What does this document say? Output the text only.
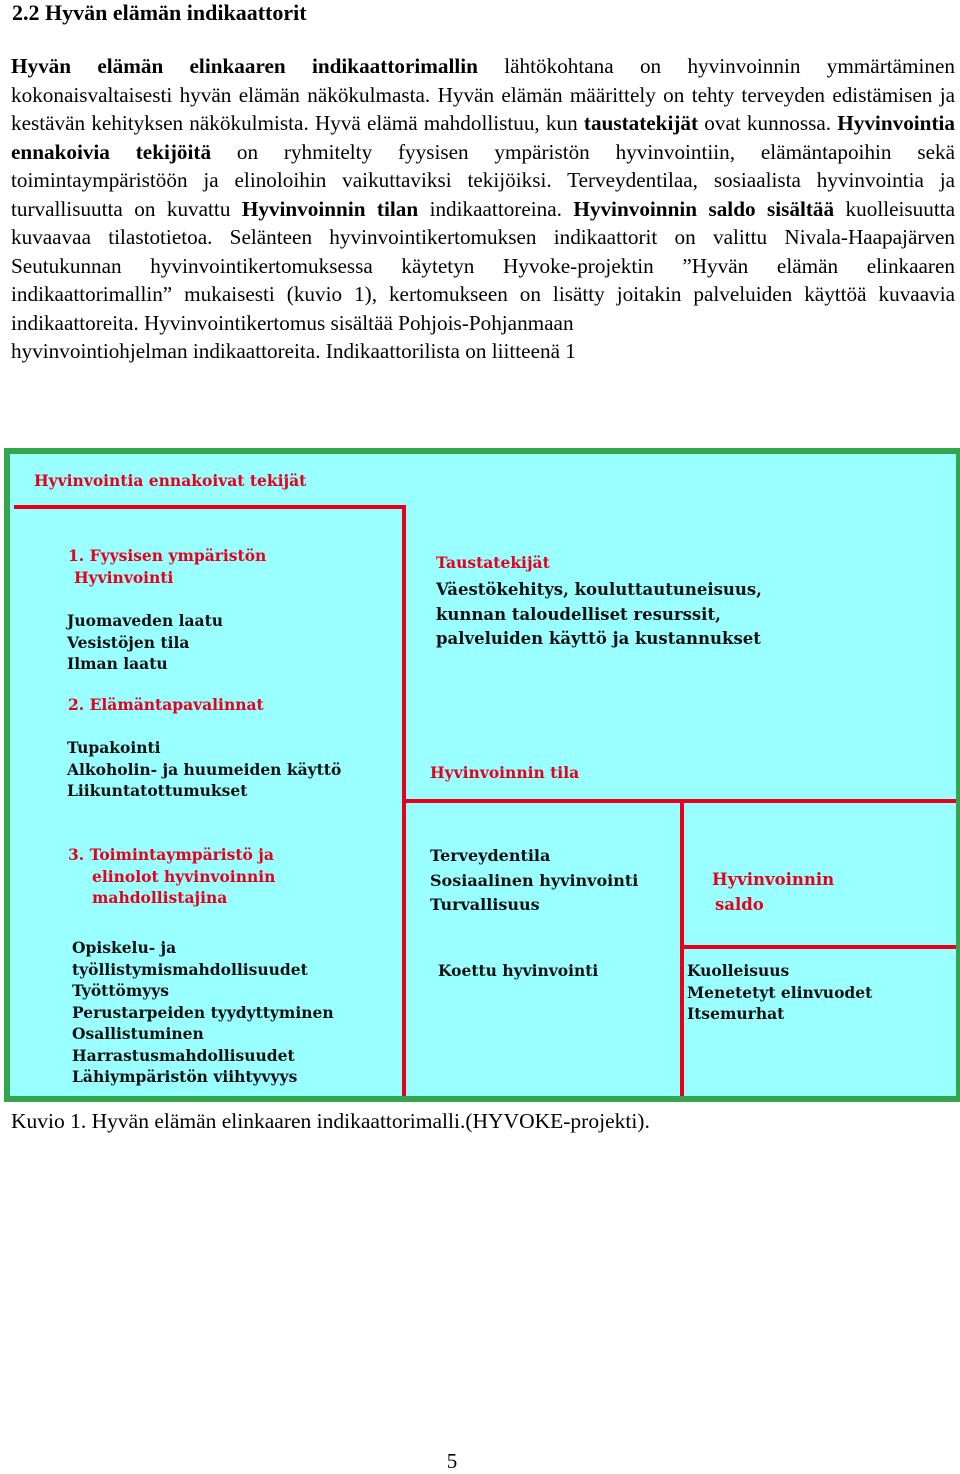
2.2 Hyvän elämän indikaattorit
Hyvän elämän elinkaaren indikaattorimallin lähtökohtana on hyvinvoinnin ymmärtäminen kokonaisvaltaisesti hyvän elämän näkökulmasta. Hyvän elämän määrittely on tehty terveyden edistämisen ja kestävän kehityksen näkökulmista. Hyvä elämä mahdollistuu, kun taustatekijät ovat kunnossa. Hyvinvointia ennakoivia tekijöitä on ryhmitelty fyysisen ympäristön hyvinvointiin, elämäntapoihin sekä toimintaympäristöön ja elinoloihin vaikuttaviksi tekijöiksi. Terveydentilaa, sosiaalista hyvinvointia ja turvallisuutta on kuvattu Hyvinvoinnin tilan indikaattoreina. Hyvinvoinnin saldo sisältää kuolleisuutta kuvaavaa tilastotietoa. Selänteen hyvinvointikertomuksen indikaattorit on valittu Nivala-Haapajärven Seutukunnan hyvinvointikertomuksessa käytetyn Hyvoke-projektin ”Hyvän elämän elinkaaren indikaattorimallin” mukaisesti (kuvio 1), kertomukseen on lisätty joitakin palveluiden käyttöä kuvaavia indikaattoreita. Hyvinvointikertomus sisältää Pohjois-Pohjanmaan
hyvinvointiohjelman indikaattoreita. Indikaattorilista on liitteenä 1

Hyvinvointia ennakoivat tekijät

1. Fyysisen ympäristön
Hyvinvointi
Juomaveden laatu
Vesistöjen tila
Ilman laatu

2. Elämäntapavalinnat

Tupakointi
Alkoholin- ja huumeiden käyttö
Liikuntatottumukset
3. Toimintaympäristö ja
elinolot hyvinvoinnin
mahdollistajina
Opiskelu- ja
työllistymismahdollisuudet
Työttömyys
Perustarpeiden tyydyttyminen
Osallistuminen
Harrastusmahdollisuudet
Lähiympäristön viihtyvyys

Taustatekijät

Väestökehitys, kouluttautuneisuus,
kunnan taloudelliset resurssit,
palveluiden käyttö ja kustannukset

Hyvinvoinnin tila

Terveydentila
Sosiaalinen hyvinvointi
Turvallisuus

Koettu hyvinvointi

Hyvinvoinnin
saldo
Kuolleisuus
Menetetyt elinvuodet
Itsemurhat

Kuvio 1. Hyvän elämän elinkaaren indikaattorimalli.(HYVOKE-projekti).

5
